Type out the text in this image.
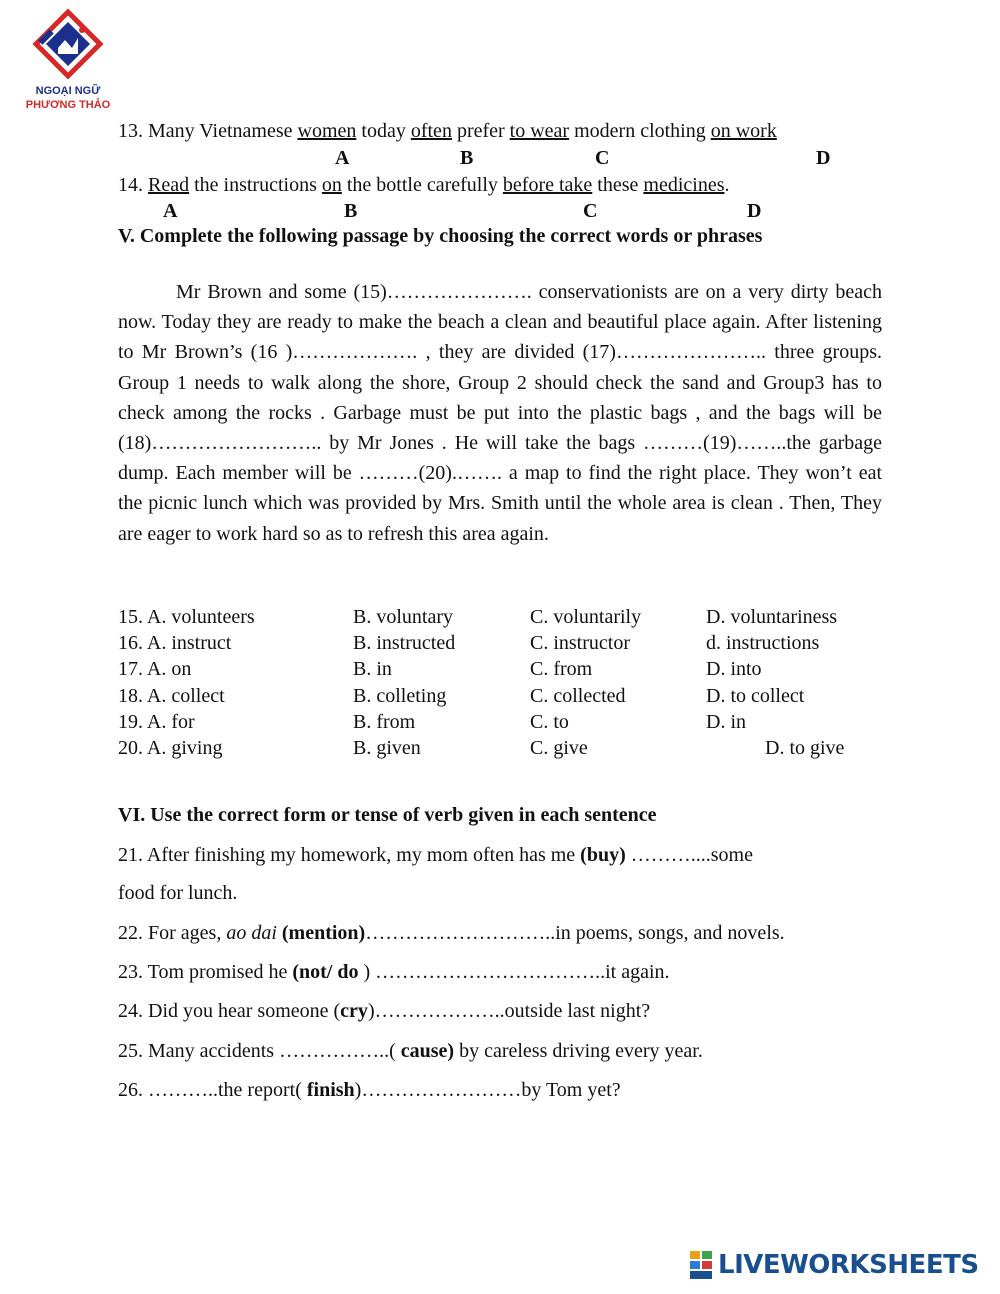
NGOẠI NGỮ
PHƯƠNG THẢO
13. Many Vietnamese women today often prefer to wear modern clothing on work
A	B	C	D
14. Read the instructions on the bottle carefully before take these medicines.
A	B	C	D
V. Complete the following passage by choosing the correct words or phrases

Mr Brown and some (15)…………………. conservationists are on a very dirty beach now. Today they are ready to make the beach a clean and beautiful place again. After listening to Mr Brown’s (16 )………………. , they are divided (17)………………….. three groups. Group 1 needs to walk along the shore, Group 2 should check the sand and Group3 has to check among the rocks . Garbage must be put into the plastic bags , and the bags will be (18)…………………….. by Mr Jones . He will take the bags ………(19)……..the garbage dump. Each member will be ………(20).……. a map to find the right place. They won’t eat the picnic lunch which was provided by Mrs. Smith until the whole area is clean . Then, They are eager to work hard so as to refresh this area again.

15. A. volunteers	B. voluntary	C. voluntarily	D. voluntariness
16. A. instruct	B. instructed	C. instructor	d. instructions
17. A. on	B. in	C. from	D. into
18. A. collect	B. colleting	C. collected	D. to collect
19. A. for	B. from	C. to	D. in
20. A. giving	B. given	C. give	D. to give
VI. Use the correct form or tense of verb given in each sentence
21. After finishing my homework, my mom often has me (buy) ………....some
food for lunch.
22. For ages, ao dai (mention)………………………..in poems, songs, and novels.
23. Tom promised he (not/ do ) ……………………………..it again.
24. Did you hear someone (cry)………………..outside last night?
25. Many accidents ……………..( cause) by careless driving every year.
26. ………..the report( finish)……………………by Tom yet?
LIVEWORKSHEETS
